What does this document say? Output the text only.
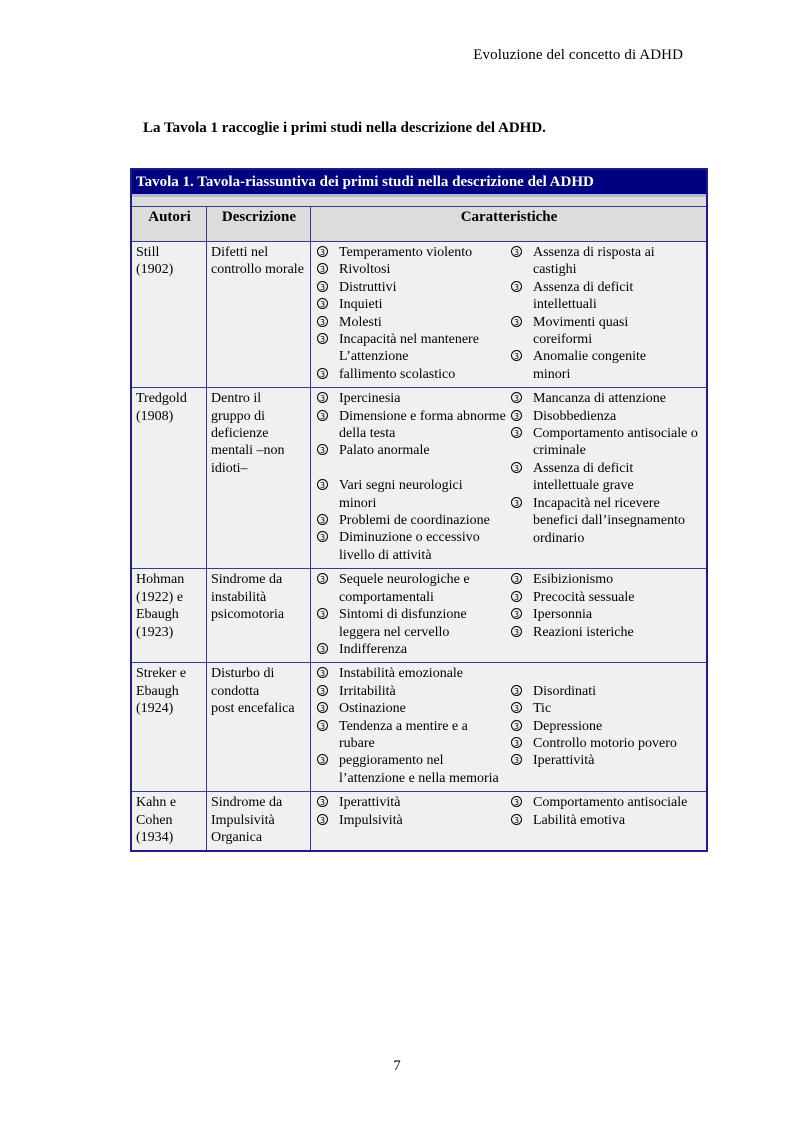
Evoluzione del concetto di ADHD
La Tavola 1 raccoglie i primi studi nella descrizione del ADHD.
Tavola 1. Tavola-riassuntiva dei primi studi nella descrizione del ADHD
Autori	Descrizione	Caratteristiche
Still
(1902)
Difetti nel
controllo morale
3 Temperamento violento
3 Rivoltosi
3 Distruttivi
3 Inquieti
3 Molesti
3 Incapacità nel mantenere
L’attenzione
3 fallimento scolastico
3 Assenza di risposta ai
castighi
3 Assenza di deficit
intellettuali
3 Movimenti quasi
coreiformi
3 Anomalie congenite
minori
Tredgold
(1908)
Dentro il
gruppo di
deficienze
mentali –non
idioti–
3 Ipercinesia
3 Dimensione e forma abnorme
della testa
3 Palato anormale
3 Vari segni neurologici
minori
3 Problemi de coordinazione
3 Diminuzione o eccessivo
livello di attività
3 Mancanza di attenzione
3 Disobbedienza
3 Comportamento antisociale o
criminale
3 Assenza di deficit
intellettuale grave
3 Incapacità nel ricevere
benefici dall’insegnamento
ordinario
Hohman
(1922) e
Ebaugh
(1923)
Sindrome da
instabilità
psicomotoria
3 Sequele neurologiche e
comportamentali
3 Sintomi di disfunzione
leggera nel cervello
3 Indifferenza
3 Esibizionismo
3 Precocità sessuale
3 Ipersonnia
3 Reazioni isteriche
Streker e
Ebaugh
(1924)
Disturbo di
condotta
post encefalica
3 Instabilità emozionale
3 Irritabilità
3 Ostinazione
3 Tendenza a mentire e a
rubare
3 peggioramento nel
l’attenzione e nella memoria
3 Disordinati
3 Tic
3 Depressione
3 Controllo motorio povero
3 Iperattività
Kahn e
Cohen
(1934)
Sindrome da
Impulsività
Organica
3 Iperattività
3 Impulsività
3 Comportamento antisociale
3 Labilità emotiva
7
